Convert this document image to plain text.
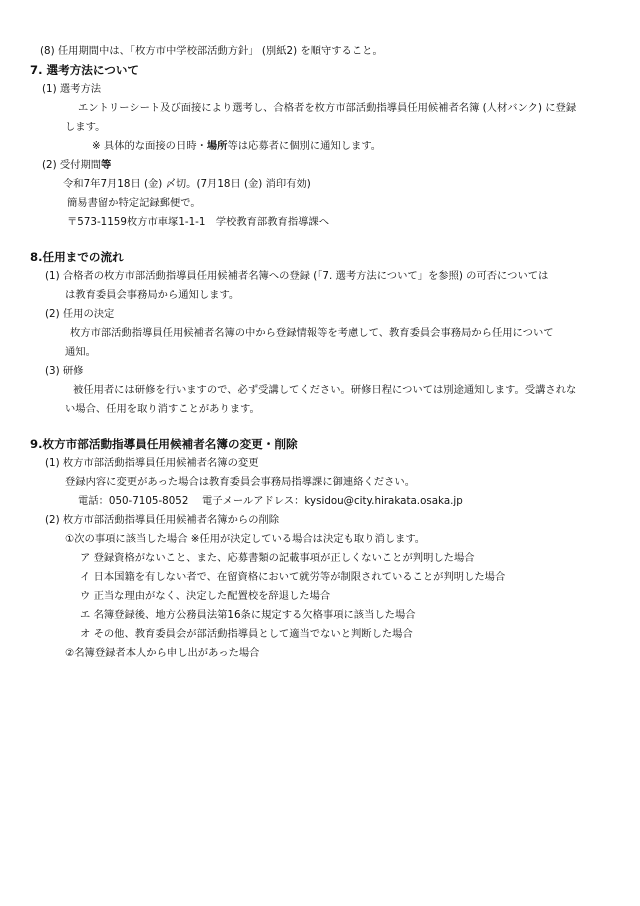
(8) 任用期間中は、「枚方市中学校部活動方針」 (別紙2) を順守すること。
7. 選考方法について
(1) 選考方法
エントリーシート及び面接により選考し、合格者を枚方市部活動指導員任用候補者名簿 (人材バンク) に登録
します。
※ 具体的な面接の日時・場所等は応募者に個別に通知します。
(2) 受付期間等
令和7年7月18日 (金) 〆切。(7月18日 (金) 消印有効)
簡易書留か特定記録郵便で。
〒573-1159枚方市車塚1-1-1　学校教育部教育指導課へ
8.任用までの流れ
(1) 合格者の枚方市部活動指導員任用候補者名簿への登録 (「7. 選考方法について」を参照) の可否については
は教育委員会事務局から通知します。
(2) 任用の決定
枚方市部活動指導員任用候補者名簿の中から登録情報等を考慮して、教育委員会事務局から任用について
通知。
(3) 研修
被任用者には研修を行いますので、必ず受講してください。研修日程については別途通知します。受講されな
い場合、任用を取り消すことがあります。
9.枚方市部活動指導員任用候補者名簿の変更・削除
(1) 枚方市部活動指導員任用候補者名簿の変更
登録内容に変更があった場合は教育委員会事務局指導課に御連絡ください。
電話：050-7105-8052　 電子メールアドレス：kysidou@city.hirakata.osaka.jp
(2) 枚方市部活動指導員任用候補者名簿からの削除
①次の事項に該当した場合 ※任用が決定している場合は決定も取り消します。
ア 登録資格がないこと、また、応募書類の記載事項が正しくないことが判明した場合
イ 日本国籍を有しない者で、在留資格において就労等が制限されていることが判明した場合
ウ 正当な理由がなく、決定した配置校を辞退した場合
エ 名簿登録後、地方公務員法第16条に規定する欠格事項に該当した場合
オ その他、教育委員会が部活動指導員として適当でないと判断した場合
②名簿登録者本人から申し出があった場合
